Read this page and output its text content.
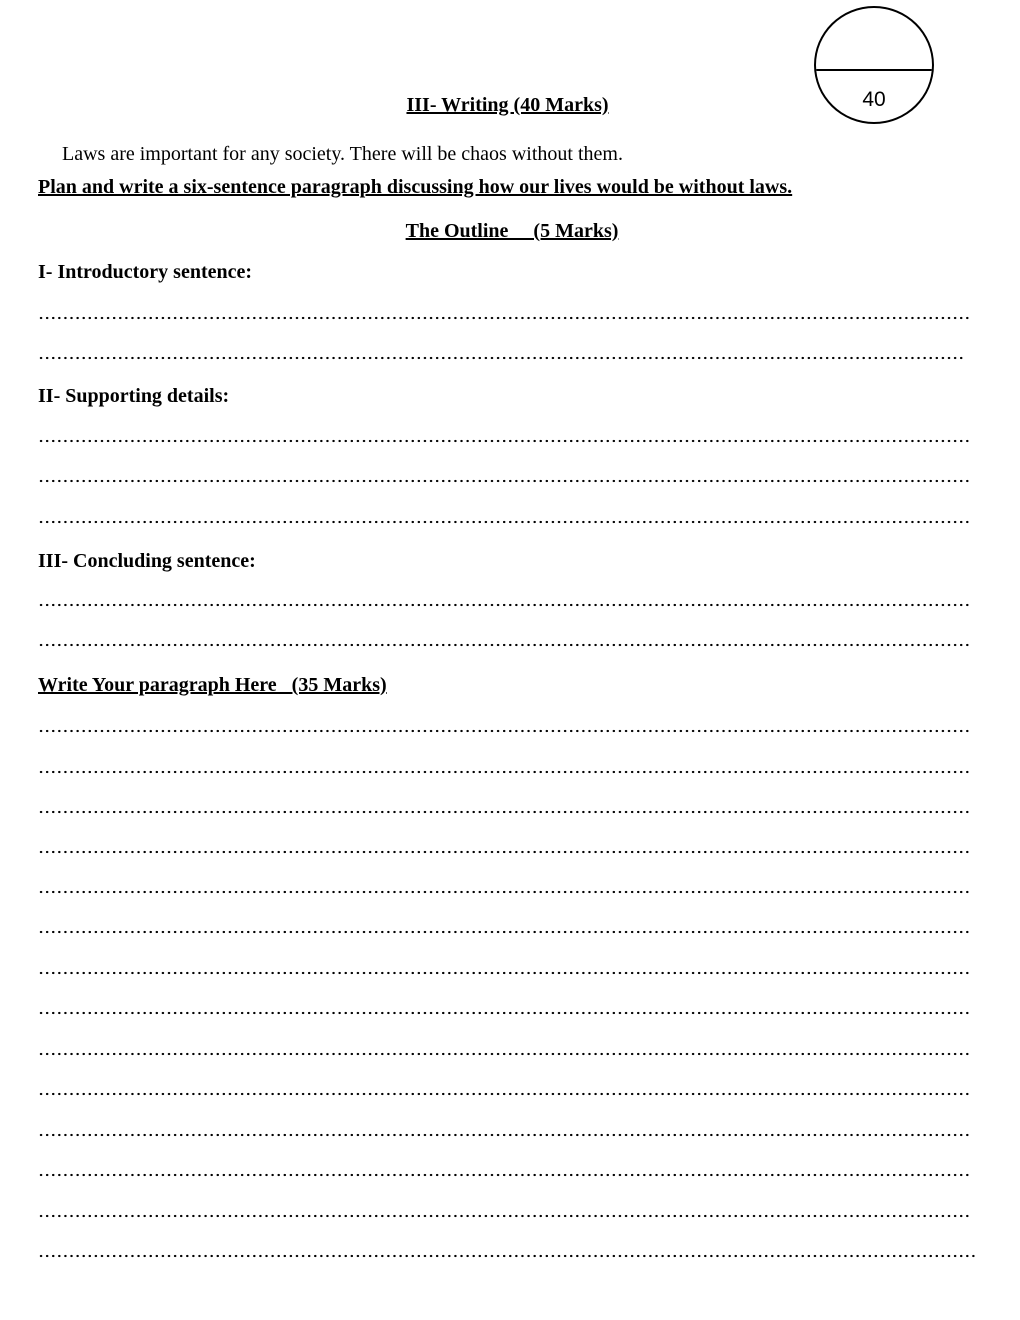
40
III- Writing (40 Marks)
Laws are important for any society. There will be chaos without them.
Plan and write a six-sentence paragraph discussing how our lives would be without laws.
The Outline     (5 Marks)
I- Introductory sentence:
II- Supporting details:
III- Concluding sentence:
Write Your paragraph Here   (35 Marks)
